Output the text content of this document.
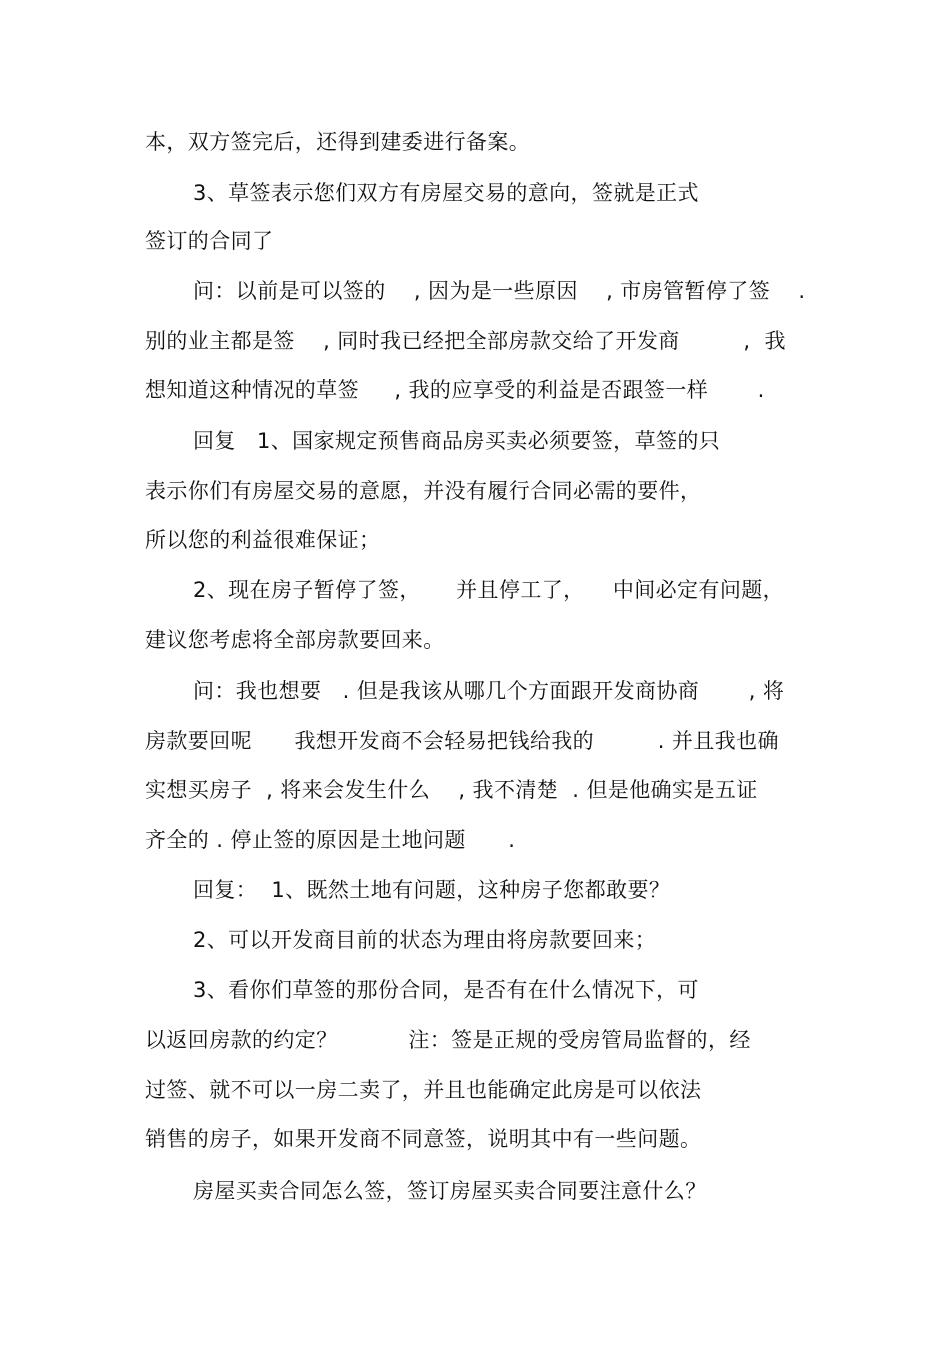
本，双方签完后，还得到建委进行备案。
3、草签表示您们双方有房屋交易的意向，签就是正式
签订的合同了
问：以前是可以签的    , 因为是一些原因    , 市房管暂停了签    .
别的业主都是签    , 同时我已经把全部房款交给了开发商         ,  我
想知道这种情况的草签     , 我的应享受的利益是否跟签一样       .
回复   1、国家规定预售商品房买卖必须要签，草签的只
表示你们有房屋交易的意愿，并没有履行合同必需的要件，
所以您的利益很难保证；
2、现在房子暂停了签，     并且停工了，    中间必定有问题，
建议您考虑将全部房款要回来。
问：我也想要   . 但是我该从哪几个方面跟开发商协商       , 将
房款要回呢      我想开发商不会轻易把钱给我的         . 并且我也确
实想买房子  , 将来会发生什么    , 我不清楚  . 但是他确实是五证
齐全的 . 停止签的原因是土地问题      .
回复：  1、既然土地有问题，这种房子您都敢要？
2、可以开发商目前的状态为理由将房款要回来；
3、看你们草签的那份合同，是否有在什么情况下，可
以返回房款的约定？          注：签是正规的受房管局监督的，经
过签、就不可以一房二卖了，并且也能确定此房是可以依法
销售的房子，如果开发商不同意签，说明其中有一些问题。
房屋买卖合同怎么签，签订房屋买卖合同要注意什么？
